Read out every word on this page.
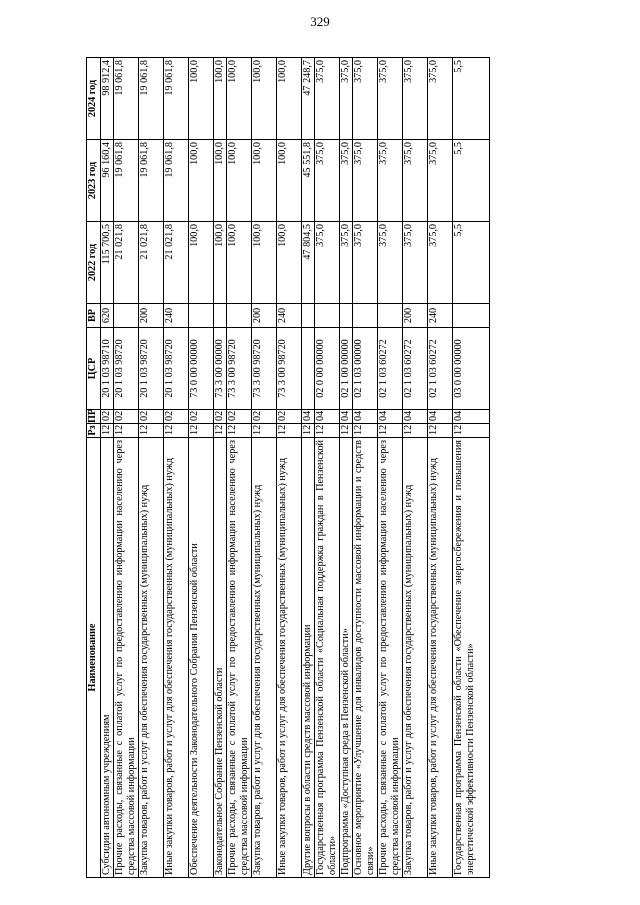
329
Наименование	Рз	ПР	ЦСР	ВР	2022 год	2023 год	2024 год
Субсидии автономным учреждениям	12	02	20 1 03 98710	620	115 700,5	96 160,4	98 912,4
Прочие расходы, связанные с оплатой услуг по предоставлению информации населению через средства массовой информации	12	02	20 1 03 98720		21 021,8	19 061,8	19 061,8
Закупка товаров, работ и услуг для обеспечения государственных (муниципальных) нужд	12	02	20 1 03 98720	200	21 021,8	19 061,8	19 061,8
Иные закупки товаров, работ и услуг для обеспечения государственных (муниципальных) нужд	12	02	20 1 03 98720	240	21 021,8	19 061,8	19 061,8
Обеспечение деятельности Законодательного Собрания Пензенской области	12	02	73 0 00 00000		100,0	100,0	100,0
Законодательное Собрание Пензенской области	12	02	73 3 00 00000		100,0	100,0	100,0
Прочие расходы, связанные с оплатой услуг по предоставлению информации населению через средства массовой информации	12	02	73 3 00 98720		100,0	100,0	100,0
Закупка товаров, работ и услуг для обеспечения государственных (муниципальных) нужд	12	02	73 3 00 98720	200	100,0	100,0	100,0
Иные закупки товаров, работ и услуг для обеспечения государственных (муниципальных) нужд	12	02	73 3 00 98720	240	100,0	100,0	100,0
Другие вопросы в области средств массовой информации	12	04			47 804,5	45 551,8	47 248,7
Государственная программа Пензенской области «Социальная поддержка граждан в Пензенской области»	12	04	02 0 00 00000		375,0	375,0	375,0
Подпрограмма «Доступная среда в Пензенской области»	12	04	02 1 00 00000		375,0	375,0	375,0
Основное мероприятие «Улучшение для инвалидов доступности массовой информации и средств связи»	12	04	02 1 03 00000		375,0	375,0	375,0
Прочие расходы, связанные с оплатой услуг по предоставлению информации населению через средства массовой информации	12	04	02 1 03 60272		375,0	375,0	375,0
Закупка товаров, работ и услуг для обеспечения государственных (муниципальных) нужд	12	04	02 1 03 60272	200	375,0	375,0	375,0
Иные закупки товаров, работ и услуг для обеспечения государственных (муниципальных) нужд	12	04	02 1 03 60272	240	375,0	375,0	375,0
Государственная программа Пензенской области «Обеспечение энергосбережения и повышения энергетической эффективности Пензенской области»	12	04	03 0 00 00000		5,5	5,5	5,5
